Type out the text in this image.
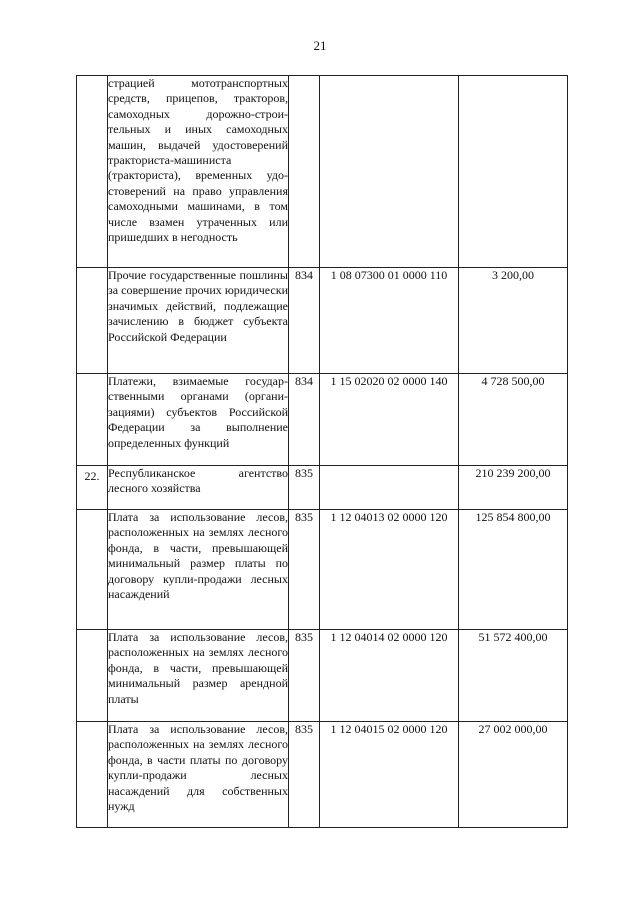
21

	страцией мототранспортных средств, прицепов, тракторов, самоходных дорожно-строительных и иных самоходных машин, выдачей удостоверений тракториста-машиниста (тракториста), временных удостоверений на право управления самоходными машинами, в том числе взамен утраченных или пришедших в негодность			

	Прочие государственные пошлины за совершение прочих юридически значимых действий, подлежащие зачислению в бюджет субъекта Российской Федерации	834	1 08 07300 01 0000 110	3 200,00

	Платежи, взимаемые государственными органами (организациями) субъектов Российской Федерации за выполнение определенных функций	834	1 15 02020 02 0000 140	4 728 500,00

22.	Республиканское агентство лесного хозяйства	835		210 239 200,00

	Плата за использование лесов, расположенных на землях лесного фонда, в части, превышающей минимальный размер платы по договору купли-продажи лесных насаждений	835	1 12 04013 02 0000 120	125 854 800,00

	Плата за использование лесов, расположенных на землях лесного фонда, в части, превышающей минимальный размер арендной платы	835	1 12 04014 02 0000 120	51 572 400,00

	Плата за использование лесов, расположенных на землях лесного фонда, в части платы по договору купли-продажи лесных насаждений для собственных нужд	835	1 12 04015 02 0000 120	27 002 000,00
